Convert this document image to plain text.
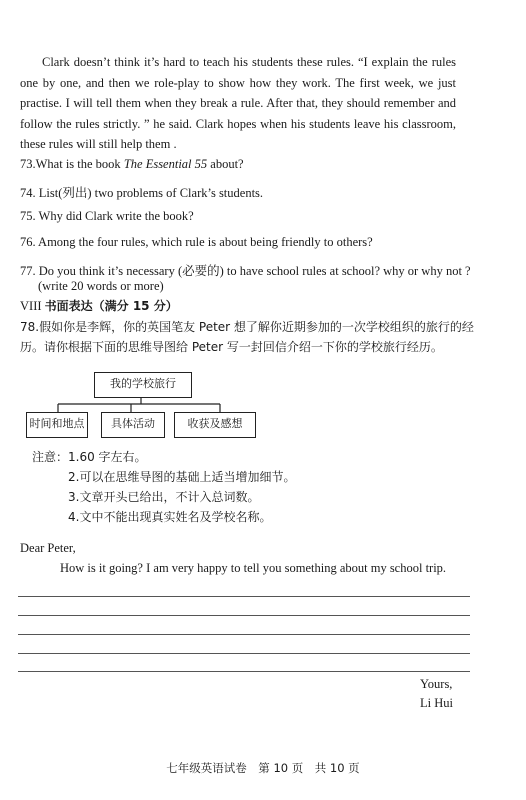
Clark doesn’t think it’s hard to teach his students these rules. “I explain the rules one by one, and then we role-play to show how they work. The first week, we just practise. I will tell them when they break a rule. After that, they should remember and follow the rules strictly. ” he said. Clark hopes when his students leave his classroom, these rules will still help them .
73.What is the book The Essential 55 about?
74. List(列出) two problems of Clark’s students.
75. Why did Clark write the book?
76. Among the four rules, which rule is about being friendly to others?
77. Do you think it’s necessary (必要的) to have school rules at school? why or why not ?
(write 20 words or more)
VIII 书面表达（满分 15 分）
78.假如你是李辉，你的英国笔友 Peter 想了解你近期参加的一次学校组织的旅行的经历。请你根据下面的思维导图给 Peter 写一封回信介绍一下你的学校旅行经历。
我的学校旅行
时间和地点	具体活动	收获及感想
注意：1.60 字左右。
2.可以在思维导图的基础上适当增加细节。
3.文章开头已给出，不计入总词数。
4.文中不能出现真实姓名及学校名称。
Dear Peter,
How is it going? I am very happy to tell you something about my school trip.
Yours,
Li Hui
七年级英语试卷　第 10 页　共 10 页
